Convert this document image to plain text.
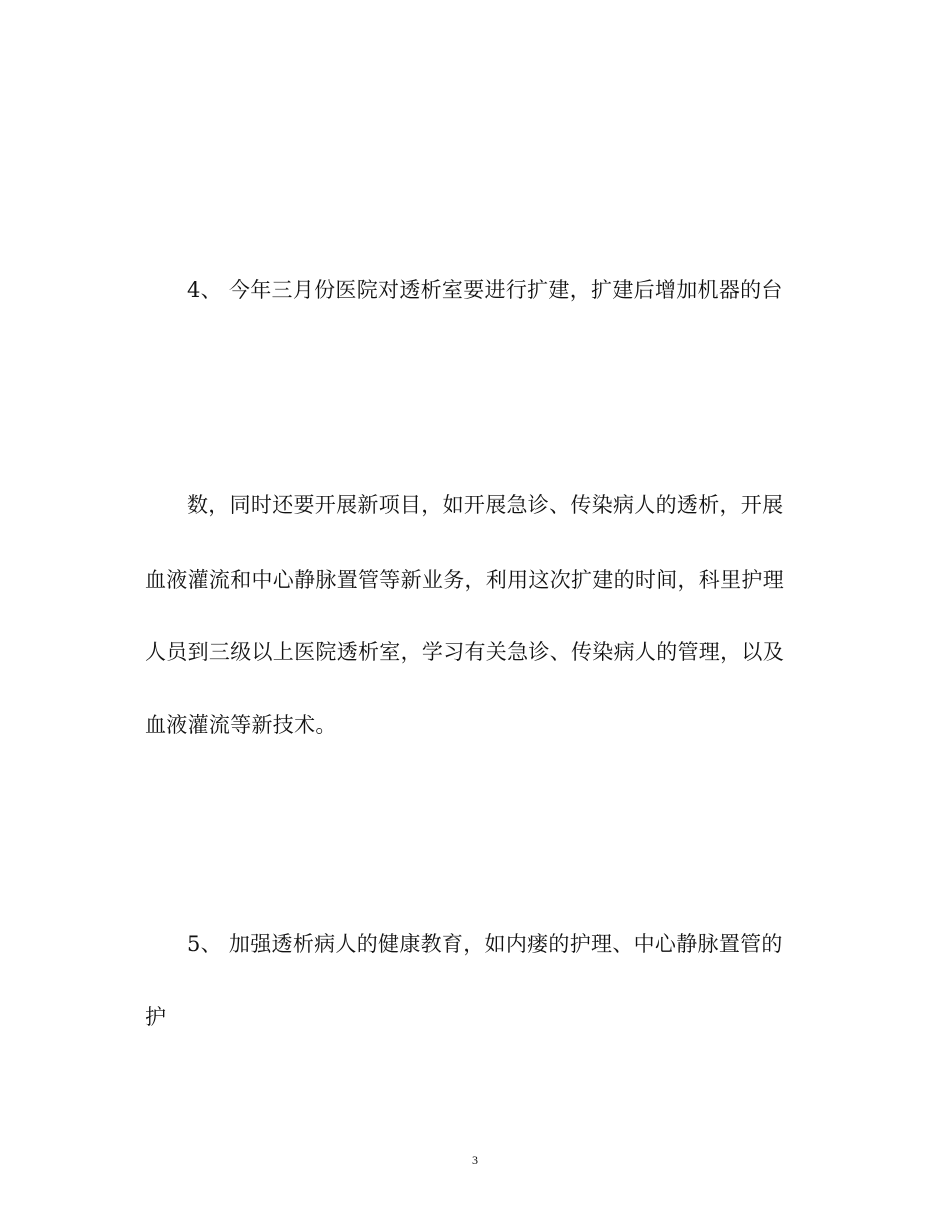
4、 今年三月份医院对透析室要进行扩建，扩建后增加机器的台
数，同时还要开展新项目，如开展急诊、传染病人的透析，开展
血液灌流和中心静脉置管等新业务，利用这次扩建的时间，科里护理
人员到三级以上医院透析室，学习有关急诊、传染病人的管理，以及
血液灌流等新技术。
5、 加强透析病人的健康教育，如内瘘的护理、中心静脉置管的
护
3
